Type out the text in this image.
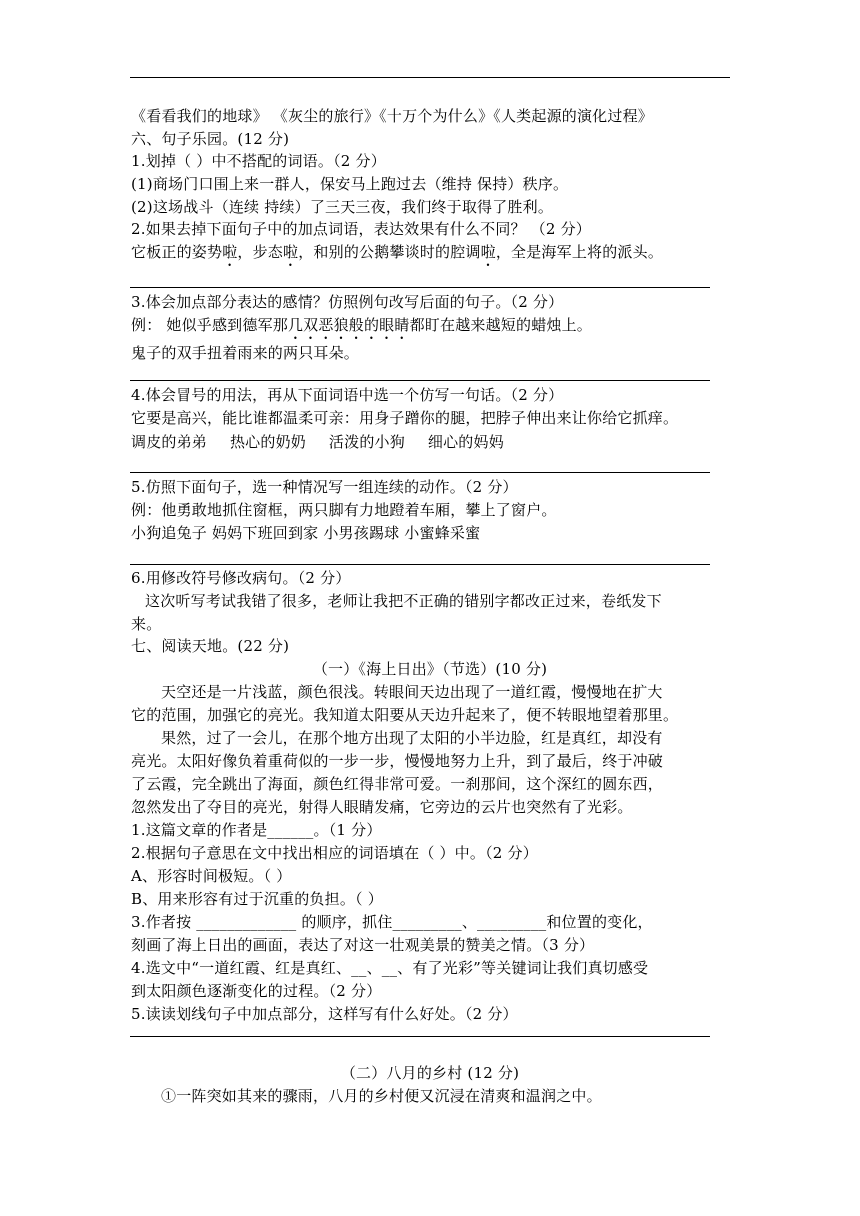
《看看我们的地球》 《灰尘的旅行》《十万个为什么》《人类起源的演化过程》
六、句子乐园。(12 分)
1.划掉（ ）中不搭配的词语。（2 分）
(1)商场门口围上来一群人，保安马上跑过去（维持 保持）秩序。
(2)这场战斗（连续 持续）了三天三夜，我们终于取得了胜利。
2.如果去掉下面句子中的加点词语，表达效果有什么不同？ （2 分）
它板正的姿势啦，步态啦，和别的公鹅攀谈时的腔调啦，全是海军上将的派头。
3.体会加点部分表达的感情？仿照例句改写后面的句子。（2 分）
例： 她似乎感到德军那几双恶狼般的眼睛都盯在越来越短的蜡烛上。
鬼子的双手扭着雨来的两只耳朵。
4.体会冒号的用法，再从下面词语中选一个仿写一句话。（2 分）
它要是高兴，能比谁都温柔可亲：用身子蹭你的腿，把脖子伸出来让你给它抓痒。
调皮的弟弟 热心的奶奶 活泼的小狗 细心的妈妈
5.仿照下面句子，选一种情况写一组连续的动作。（2 分）
例：他勇敢地抓住窗框，两只脚有力地蹬着车厢，攀上了窗户。
小狗追兔子 妈妈下班回到家 小男孩踢球 小蜜蜂采蜜
6.用修改符号修改病句。（2 分）
这次听写考试我错了很多，老师让我把不正确的错别字都改正过来，卷纸发下
来。
七、阅读天地。(22 分)
（一）《海上日出》（节选）(10 分)
天空还是一片浅蓝，颜色很浅。转眼间天边出现了一道红霞，慢慢地在扩大
它的范围，加强它的亮光。我知道太阳要从天边升起来了，便不转眼地望着那里。
果然，过了一会儿，在那个地方出现了太阳的小半边脸，红是真红，却没有
亮光。太阳好像负着重荷似的一步一步，慢慢地努力上升，到了最后，终于冲破
了云霞，完全跳出了海面，颜色红得非常可爱。一刹那间，这个深红的圆东西，
忽然发出了夺目的亮光，射得人眼睛发痛，它旁边的云片也突然有了光彩。
1.这篇文章的作者是______。（1 分）
2.根据句子意思在文中找出相应的词语填在（ ）中。（2 分）
A、形容时间极短。（ ）
B、用来形容有过于沉重的负担。（ ）
3.作者按 _____________ 的顺序，抓住_________、_________和位置的变化，
刻画了海上日出的画面，表达了对这一壮观美景的赞美之情。（3 分）
4.选文中“一道红霞、红是真红、__、__、有了光彩”等关键词让我们真切感受
到太阳颜色逐渐变化的过程。（2 分）
5.读读划线句子中加点部分，这样写有什么好处。（2 分）
（二）八月的乡村 (12 分)
①一阵突如其来的骤雨，八月的乡村便又沉浸在清爽和温润之中。
